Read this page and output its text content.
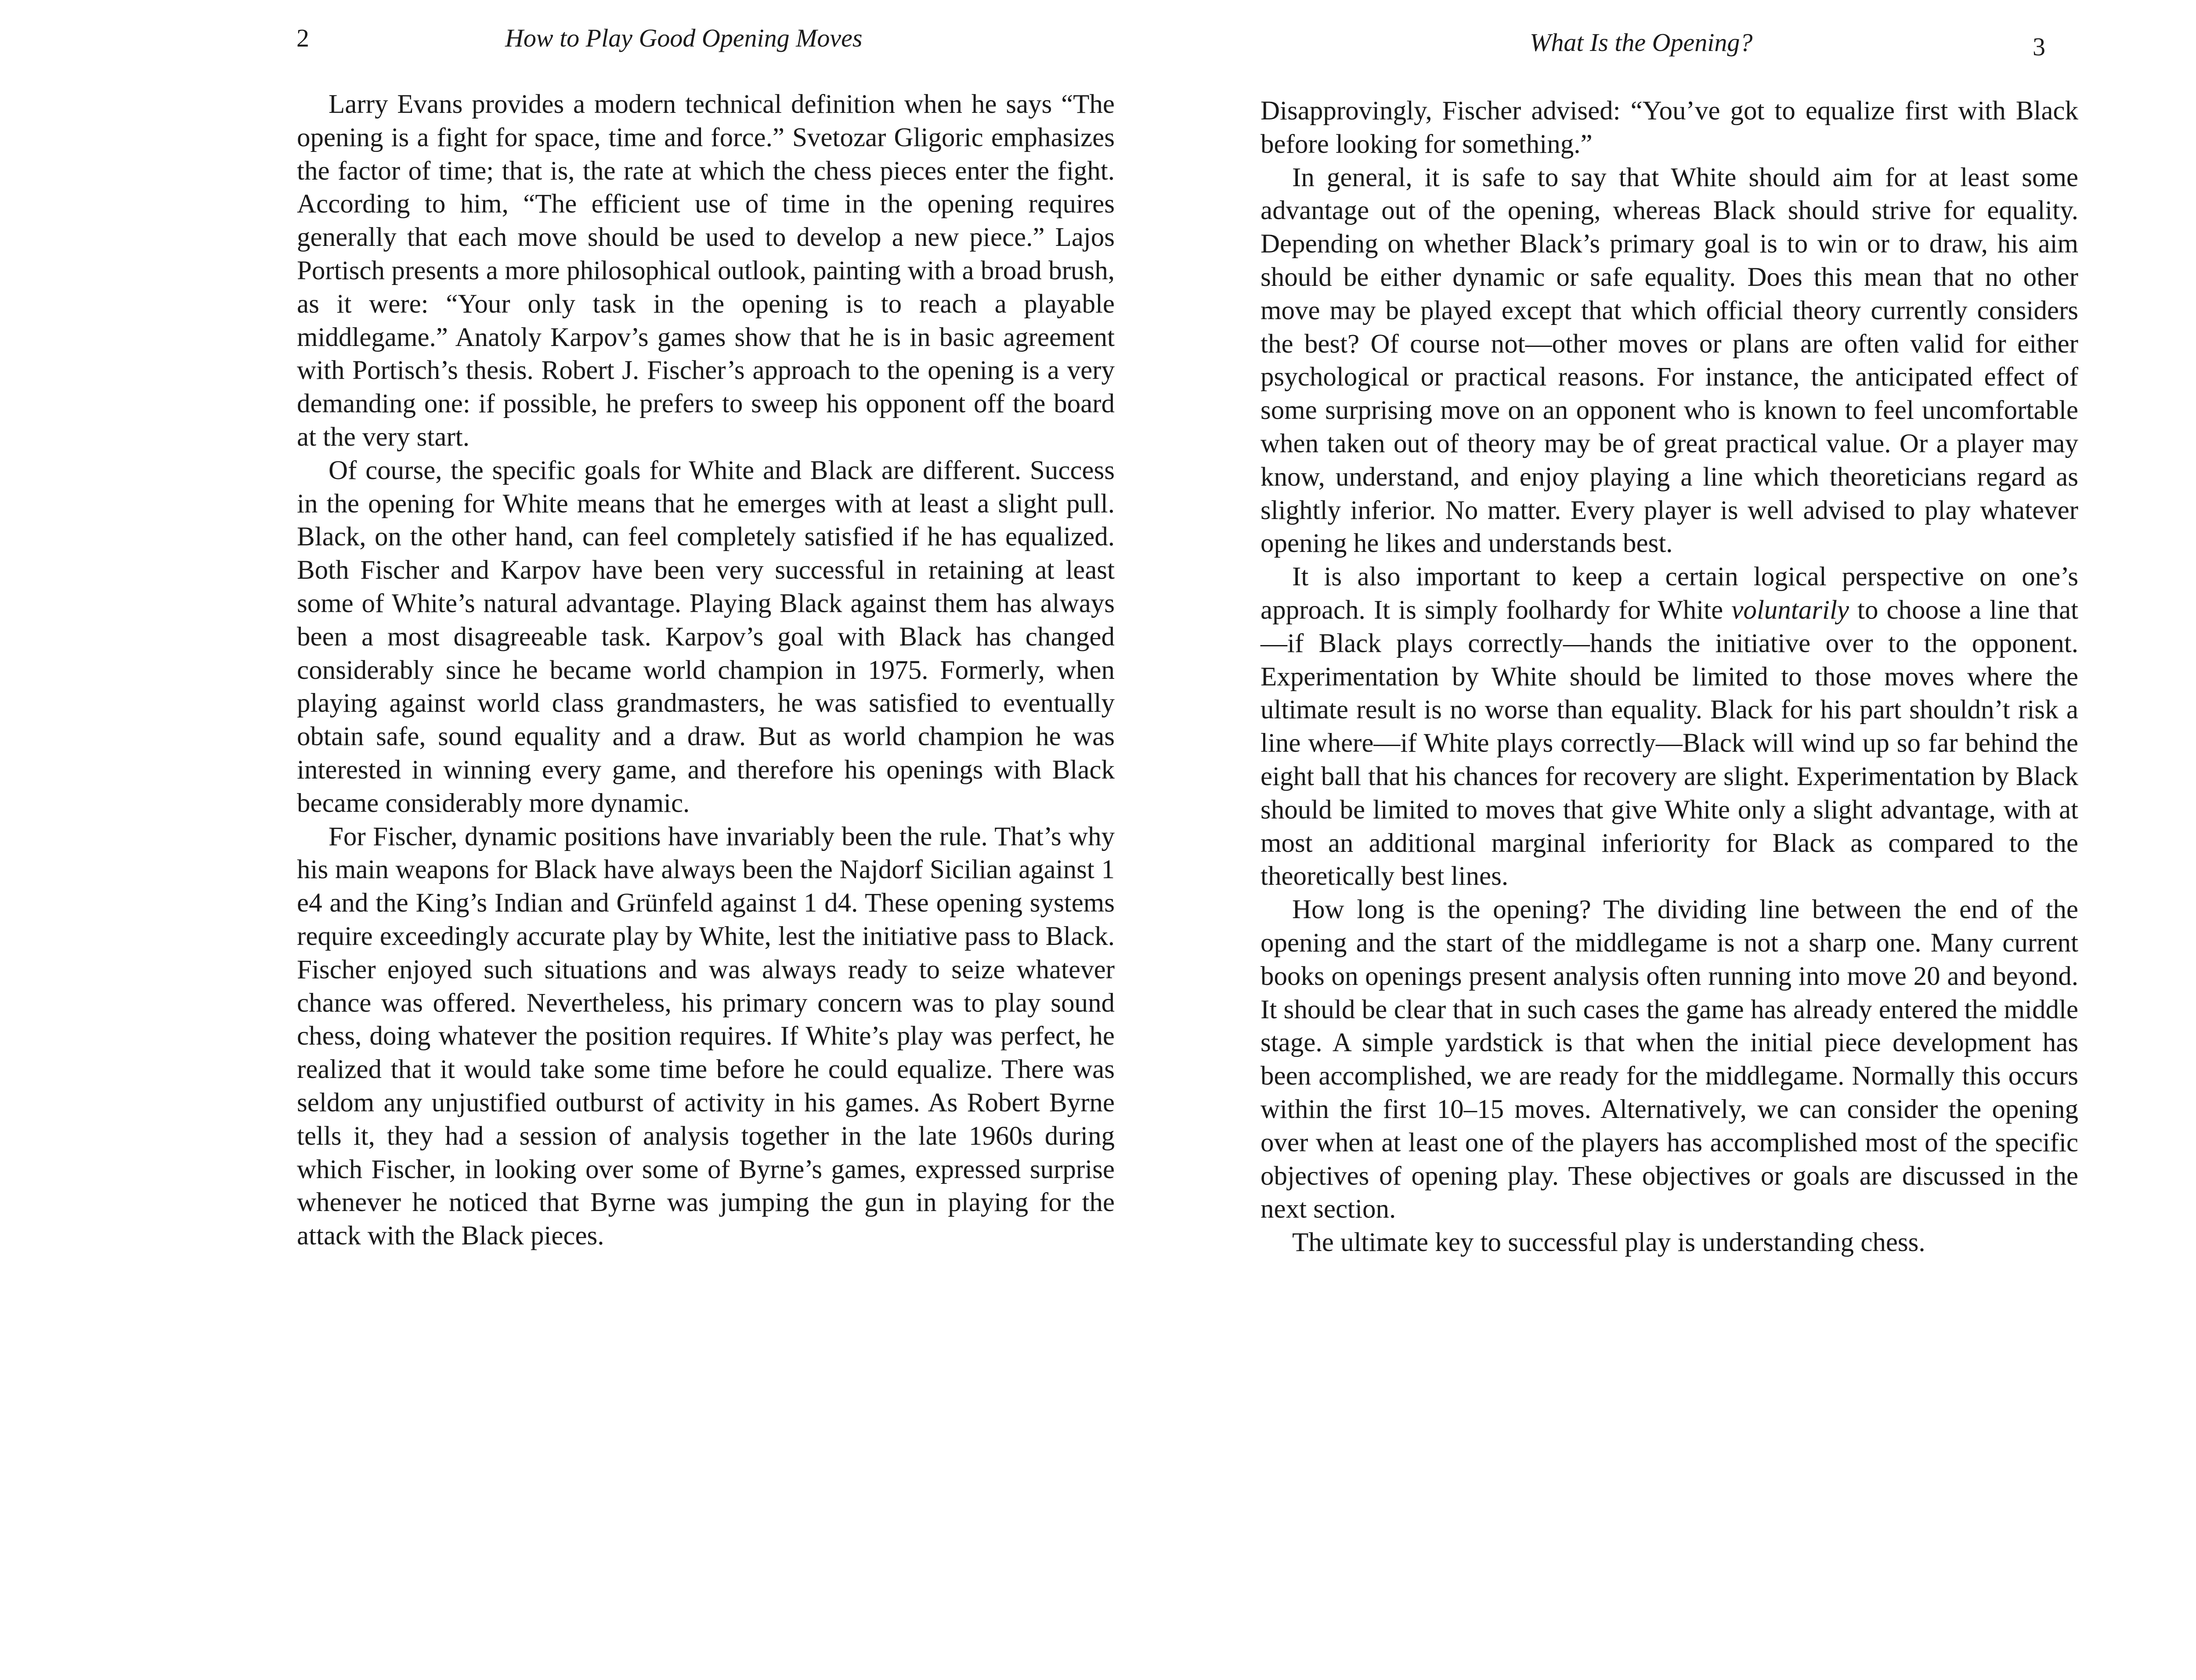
2	How to Play Good Opening Moves

Larry Evans provides a modern technical definition when he says “The opening is a fight for space, time and force.” Svetozar Gligoric emphasizes the factor of time; that is, the rate at which the chess pieces enter the fight. According to him, “The efficient use of time in the opening requires generally that each move should be used to develop a new piece.” Lajos Portisch presents a more philosophical outlook, painting with a broad brush, as it were: “Your only task in the opening is to reach a playable middlegame.” Anatoly Karpov’s games show that he is in basic agreement with Portisch’s thesis. Robert J. Fischer’s approach to the opening is a very demanding one: if possible, he prefers to sweep his opponent off the board at the very start.

Of course, the specific goals for White and Black are different. Success in the opening for White means that he emerges with at least a slight pull. Black, on the other hand, can feel completely satisfied if he has equalized. Both Fischer and Karpov have been very successful in retaining at least some of White’s natural advantage. Playing Black against them has always been a most disagreeable task. Karpov’s goal with Black has changed considerably since he became world champion in 1975. Formerly, when playing against world class grandmasters, he was satisfied to eventually obtain safe, sound equality and a draw. But as world champion he was interested in winning every game, and therefore his openings with Black became considerably more dynamic.

For Fischer, dynamic positions have invariably been the rule. That’s why his main weapons for Black have always been the Najdorf Sicilian against 1 e4 and the King’s Indian and Grünfeld against 1 d4. These opening systems require exceedingly accurate play by White, lest the initiative pass to Black. Fischer enjoyed such situations and was always ready to seize whatever chance was offered. Nevertheless, his primary concern was to play sound chess, doing whatever the position requires. If White’s play was perfect, he realized that it would take some time before he could equalize. There was seldom any unjustified outburst of activity in his games. As Robert Byrne tells it, they had a session of analysis together in the late 1960s during which Fischer, in looking over some of Byrne’s games, expressed surprise whenever he noticed that Byrne was jumping the gun in playing for the attack with the Black pieces.

What Is the Opening?	3

Disapprovingly, Fischer advised: “You’ve got to equalize first with Black before looking for something.”

In general, it is safe to say that White should aim for at least some advantage out of the opening, whereas Black should strive for equality. Depending on whether Black’s primary goal is to win or to draw, his aim should be either dynamic or safe equality. Does this mean that no other move may be played except that which official theory currently considers the best? Of course not—other moves or plans are often valid for either psychological or practical reasons. For instance, the anticipated effect of some surprising move on an opponent who is known to feel uncomfortable when taken out of theory may be of great practical value. Or a player may know, understand, and enjoy playing a line which theoreticians regard as slightly inferior. No matter. Every player is well advised to play whatever opening he likes and understands best.

It is also important to keep a certain logical perspective on one’s approach. It is simply foolhardy for White voluntarily to choose a line that—if Black plays correctly—hands the initiative over to the opponent. Experimentation by White should be limited to those moves where the ultimate result is no worse than equality. Black for his part shouldn’t risk a line where—if White plays correctly—Black will wind up so far behind the eight ball that his chances for recovery are slight. Experimentation by Black should be limited to moves that give White only a slight advantage, with at most an additional marginal inferiority for Black as compared to the theoretically best lines.

How long is the opening? The dividing line between the end of the opening and the start of the middlegame is not a sharp one. Many current books on openings present analysis often running into move 20 and beyond. It should be clear that in such cases the game has already entered the middle stage. A simple yardstick is that when the initial piece development has been accomplished, we are ready for the middlegame. Normally this occurs within the first 10–15 moves. Alternatively, we can consider the opening over when at least one of the players has accomplished most of the specific objectives of opening play. These objectives or goals are discussed in the next section.

The ultimate key to successful play is understanding chess.
